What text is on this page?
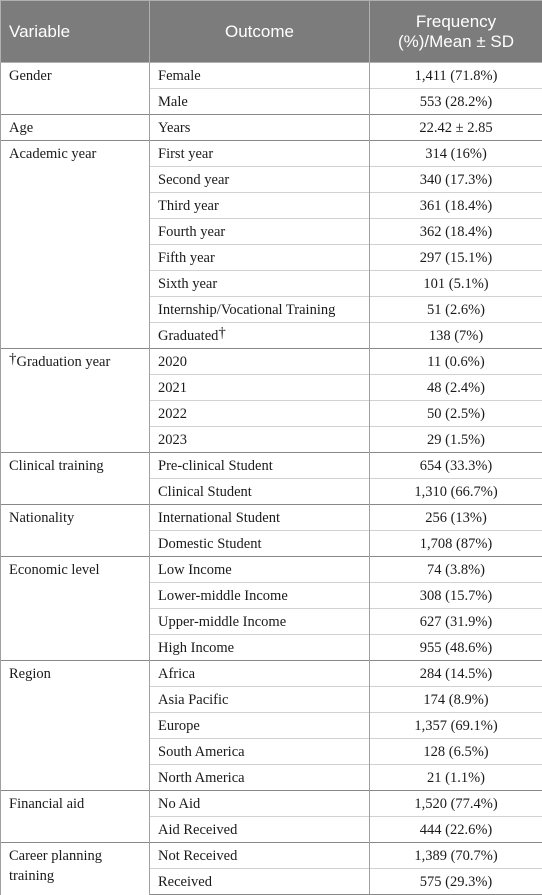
Variable	Outcome	Frequency
(%)/Mean ± SD
Gender	Female	1,411 (71.8%)
	Male	553 (28.2%)
Age	Years	22.42 ± 2.85
Academic year	First year	314 (16%)
	Second year	340 (17.3%)
	Third year	361 (18.4%)
	Fourth year	362 (18.4%)
	Fifth year	297 (15.1%)
	Sixth year	101 (5.1%)
	Internship/Vocational Training	51 (2.6%)
	Graduated†	138 (7%)
†Graduation year	2020	11 (0.6%)
	2021	48 (2.4%)
	2022	50 (2.5%)
	2023	29 (1.5%)
Clinical training	Pre-clinical Student	654 (33.3%)
	Clinical Student	1,310 (66.7%)
Nationality	International Student	256 (13%)
	Domestic Student	1,708 (87%)
Economic level	Low Income	74 (3.8%)
	Lower-middle Income	308 (15.7%)
	Upper-middle Income	627 (31.9%)
	High Income	955 (48.6%)
Region	Africa	284 (14.5%)
	Asia Pacific	174 (8.9%)
	Europe	1,357 (69.1%)
	South America	128 (6.5%)
	North America	21 (1.1%)
Financial aid	No Aid	1,520 (77.4%)
	Aid Received	444 (22.6%)
Career planning training	Not Received	1,389 (70.7%)
	Received	575 (29.3%)
